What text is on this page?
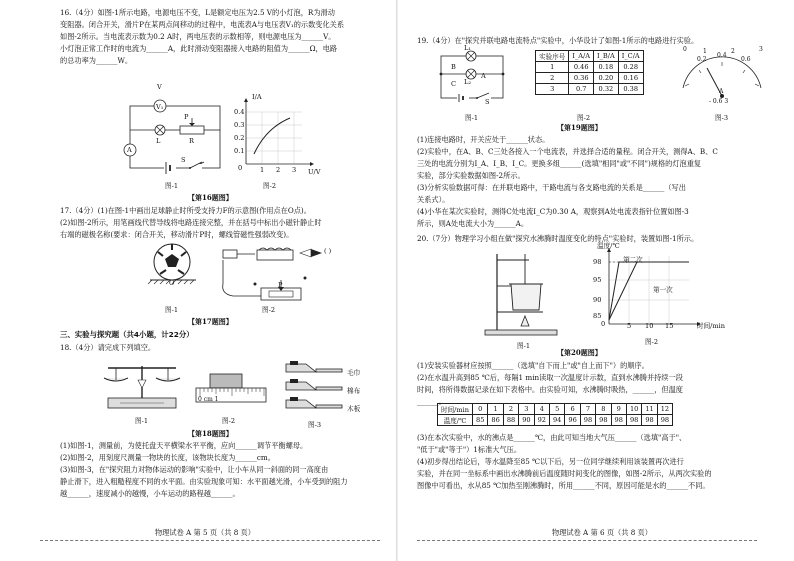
16.（4分）如图-1所示电路，电源电压不变，L是额定电压为2.5 V的小灯泡，R为滑动
变阻器。闭合开关，滑片P在某两点间移动的过程中，电流表A与电压表V₁的示数变化关系
如图-2所示。当电流表示数为0.2 A时，两电压表的示数相等，则电源电压为______V。
小灯泡正常工作时的电流为______A，此时滑动变阻器接入电路的阻值为______Ω，电路
的总功率为______W。
V₁
V
L
A
P
R
S
图-1
I/A
U/V
0
0.1
0.2
0.3
0.4
1 2 3
图-2
【第16题图】
17.（4分）(1)在图-1中画出足球静止时所受支持力F的示意图(作用点在O点)。
(2)如图-2所示，用笔画线代替导线将电路连接完整，并在括号中标出小磁针静止时
右端的磁极名称(要求：闭合开关，移动滑片P时，螺线管磁性强弱改变)。
O
图-1
P
( )
图-2
【第17题图】
三、实验与探究题（共4小题，计22分）
18.（4分）请完成下列填空。
图-1
0 cm 1
图-2
毛巾
棉布
木板
图-3
【第18题图】
(1)如图-1，测量前，为使托盘天平横梁水平平衡，应向______调节平衡螺母。
(2)如图-2，用刻度尺测量一物块的长度，该物块长度为______cm。
(3)如图-3，在"探究阻力对物体运动的影响"实验中，让小车从同一斜面的同一高度由
静止滑下，进入粗糙程度不同的水平面。由实验现象可知：水平面越光滑，小车受到的阻力
越______，速度减小的越慢，小车运动的路程越______。
物理试卷 A 第 5 页（共 8 页）
19.（4分）在"探究并联电路电流特点"实验中，小华设计了如图-1所示的电路进行实验。
L₁
L₂
A
B
C
S
图-1
实验序号	I_A/A	I_B/A	I_C/A
1	0.46	0.18	0.28
2	0.36	0.20	0.16
3	0.7	0.32	0.38
图-2
0
0.2
0.4
0.6
1	2	3
A
- 0.6 3
图-3
【第19题图】
(1)连接电路时，开关应处于______状态。
(2)实验中，在A、B、C三处各接入一个电流表，并选择合适的量程。闭合开关，测得A、B、C
三处的电流分别为I_A、I_B、I_C。更换多组______(选填"相同"或"不同")规格的灯泡重复
实验，部分实验数据如图-2所示。
(3)分析实验数据可得：在并联电路中，干路电流与各支路电流的关系是______（写出
关系式）。
(4)小华在某次实验时，测得C处电流I_C为0.30 A，观察到A处电流表指针位置如图-3
所示，则A处电流大小为______A。
20.（7分）物理学习小组在做"探究水沸腾时温度变化的特点"实验时，装置如图-1所示。
图-1
温度/℃
时间/min
0
85
90
95
98
5 10 15
第二次
第一次
图-2
【第20题图】
(1)安装实验器材应按照______（选填"自下而上"或"自上而下"）的顺序。
(2)在水温升高到85 ℃后，每隔1 min读取一次温度计示数，直到水沸腾并持续一段
时间，将所得数据记录在如下表格中。由实验可知，水沸腾时吸热，______，但温度
______。
时间/min	0	1	2	3	4	5	6	7	8	9	10	11	12
温度/℃	85	86	88	90	92	94	96	98	98	98	98	98	98
(3)在本次实验中，水的沸点是______℃，由此可知当地大气压______（选填"高于"、
"低于"或"等于"）1标准大气压。
(4)初步得出结论后，等水温降至85 ℃以下后，另一位同学继续利用该装置再次进行
实验，并在同一坐标系中画出水沸腾前后温度随时间变化的图像，如图-2所示，从两次实验的
图像中可看出，水从85 ℃加热至刚沸腾时，所用______不同，原因可能是水的______不同。
物理试卷 A 第 6 页（共 8 页）
